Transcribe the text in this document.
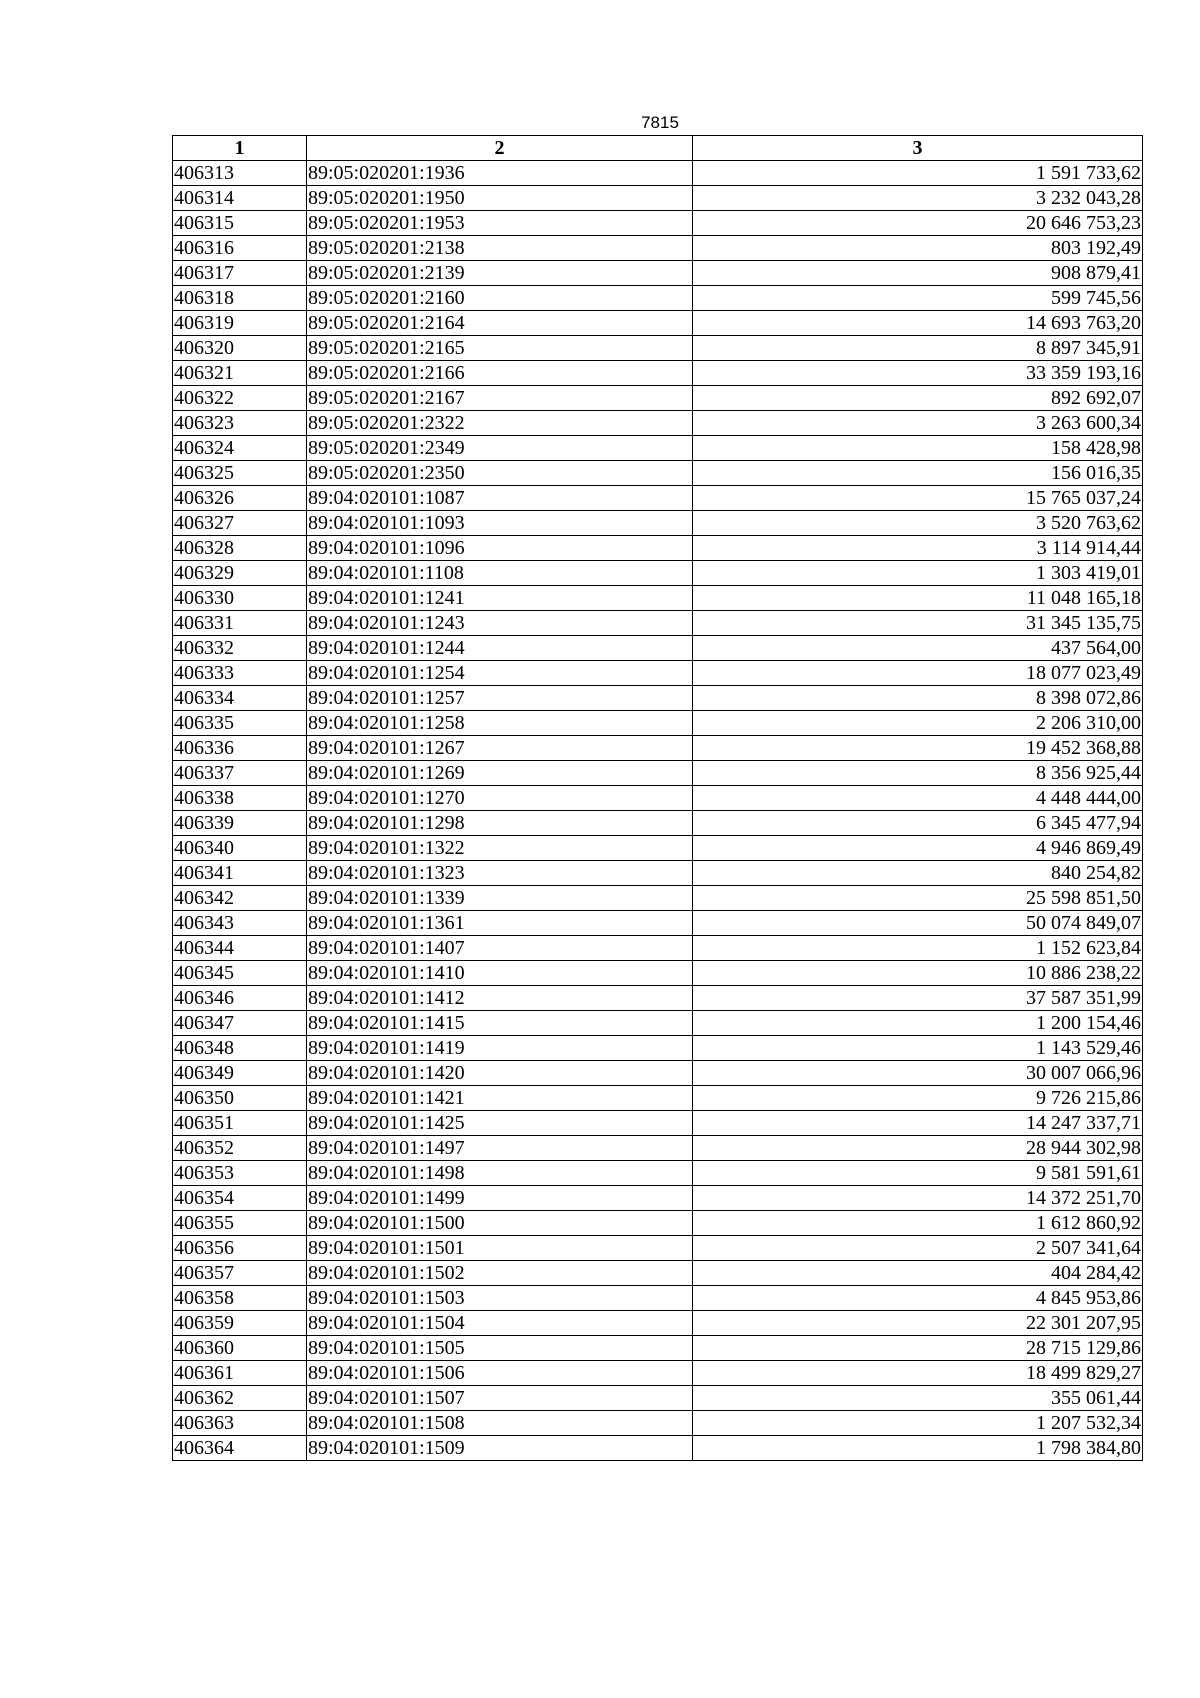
7815
1	2	3
406313	89:05:020201:1936	1 591 733,62
406314	89:05:020201:1950	3 232 043,28
406315	89:05:020201:1953	20 646 753,23
406316	89:05:020201:2138	803 192,49
406317	89:05:020201:2139	908 879,41
406318	89:05:020201:2160	599 745,56
406319	89:05:020201:2164	14 693 763,20
406320	89:05:020201:2165	8 897 345,91
406321	89:05:020201:2166	33 359 193,16
406322	89:05:020201:2167	892 692,07
406323	89:05:020201:2322	3 263 600,34
406324	89:05:020201:2349	158 428,98
406325	89:05:020201:2350	156 016,35
406326	89:04:020101:1087	15 765 037,24
406327	89:04:020101:1093	3 520 763,62
406328	89:04:020101:1096	3 114 914,44
406329	89:04:020101:1108	1 303 419,01
406330	89:04:020101:1241	11 048 165,18
406331	89:04:020101:1243	31 345 135,75
406332	89:04:020101:1244	437 564,00
406333	89:04:020101:1254	18 077 023,49
406334	89:04:020101:1257	8 398 072,86
406335	89:04:020101:1258	2 206 310,00
406336	89:04:020101:1267	19 452 368,88
406337	89:04:020101:1269	8 356 925,44
406338	89:04:020101:1270	4 448 444,00
406339	89:04:020101:1298	6 345 477,94
406340	89:04:020101:1322	4 946 869,49
406341	89:04:020101:1323	840 254,82
406342	89:04:020101:1339	25 598 851,50
406343	89:04:020101:1361	50 074 849,07
406344	89:04:020101:1407	1 152 623,84
406345	89:04:020101:1410	10 886 238,22
406346	89:04:020101:1412	37 587 351,99
406347	89:04:020101:1415	1 200 154,46
406348	89:04:020101:1419	1 143 529,46
406349	89:04:020101:1420	30 007 066,96
406350	89:04:020101:1421	9 726 215,86
406351	89:04:020101:1425	14 247 337,71
406352	89:04:020101:1497	28 944 302,98
406353	89:04:020101:1498	9 581 591,61
406354	89:04:020101:1499	14 372 251,70
406355	89:04:020101:1500	1 612 860,92
406356	89:04:020101:1501	2 507 341,64
406357	89:04:020101:1502	404 284,42
406358	89:04:020101:1503	4 845 953,86
406359	89:04:020101:1504	22 301 207,95
406360	89:04:020101:1505	28 715 129,86
406361	89:04:020101:1506	18 499 829,27
406362	89:04:020101:1507	355 061,44
406363	89:04:020101:1508	1 207 532,34
406364	89:04:020101:1509	1 798 384,80
